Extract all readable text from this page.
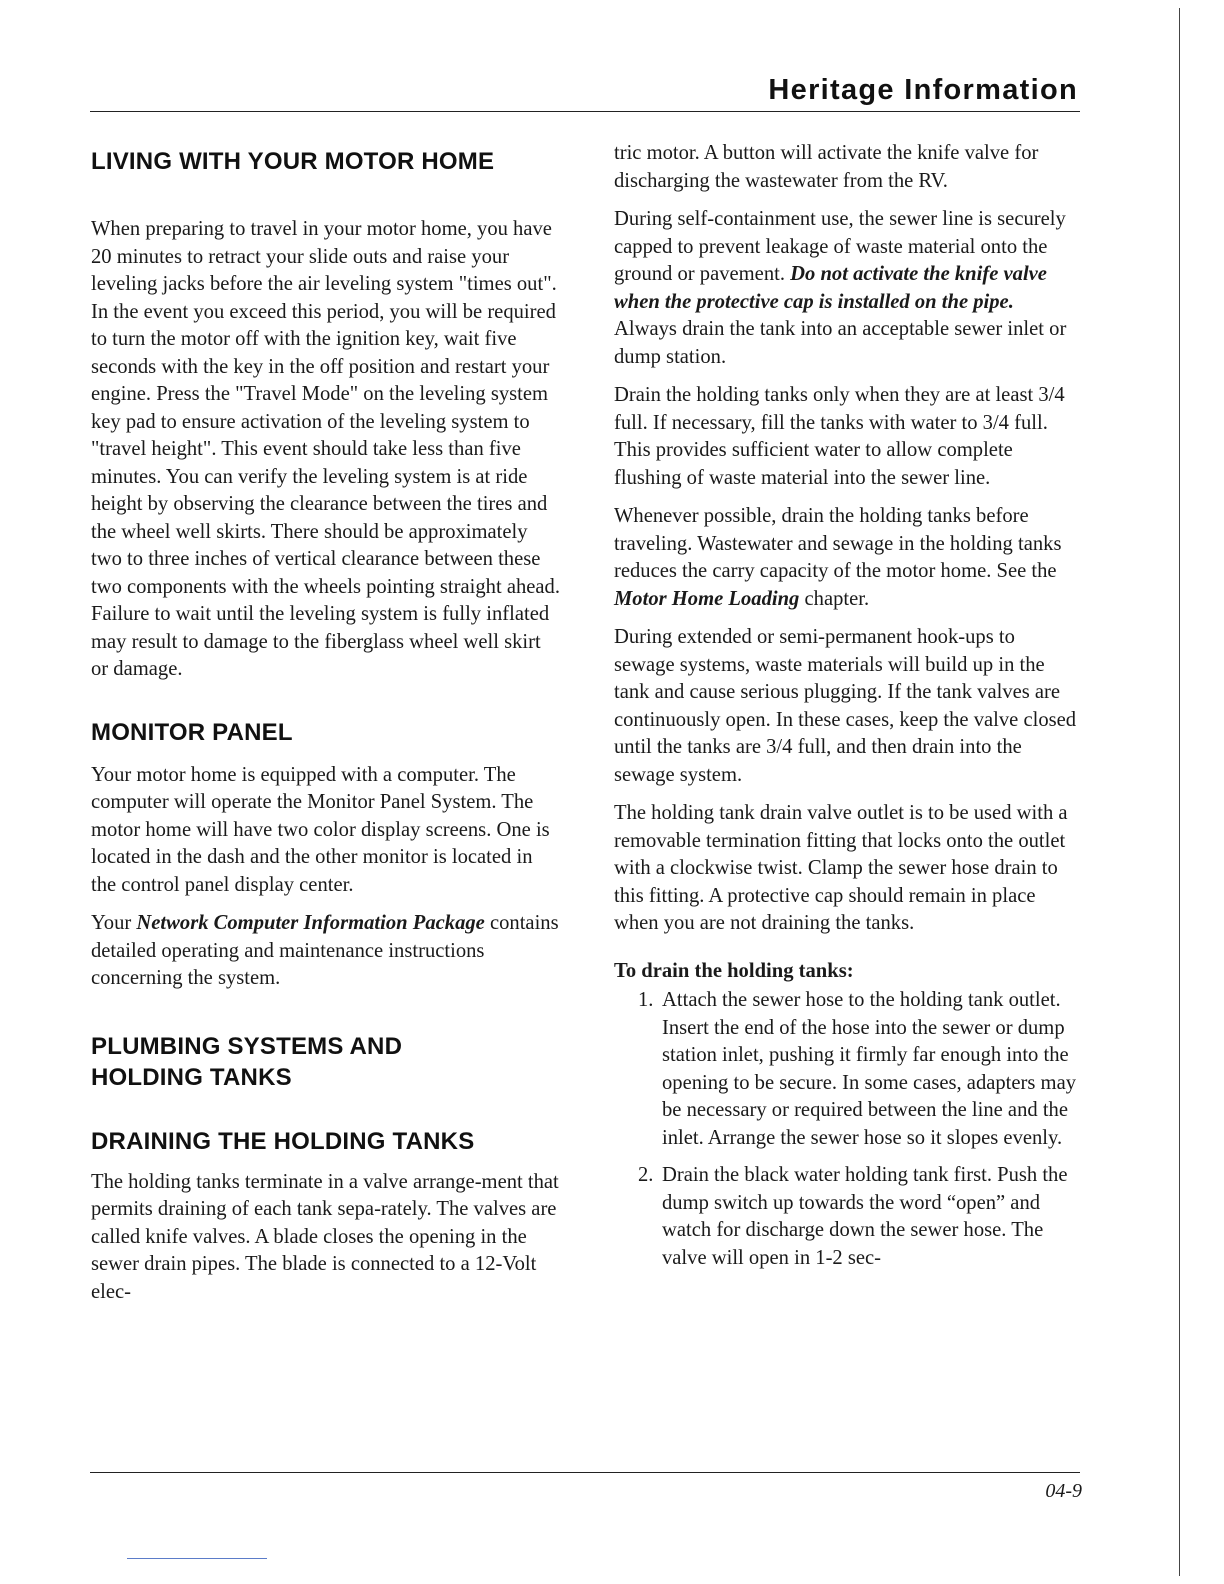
Heritage Information
LIVING WITH YOUR MOTOR HOME

When preparing to travel in your motor home, you have 20 minutes to retract your slide outs and raise your leveling jacks before the air leveling system "times out". In the event you exceed this period, you will be required to turn the motor off with the ignition key, wait five seconds with the key in the off position and restart your engine. Press the "Travel Mode" on the leveling system key pad to ensure activation of the leveling system to "travel height". This event should take less than five minutes. You can verify the leveling system is at ride height by observing the clearance between the tires and the wheel well skirts. There should be approximately two to three inches of vertical clearance between these two components with the wheels pointing straight ahead. Failure to wait until the leveling system is fully inflated may result to damage to the fiberglass wheel well skirt or damage.

MONITOR PANEL

Your motor home is equipped with a computer. The computer will operate the Monitor Panel System. The motor home will have two color display screens. One is located in the dash and the other monitor is located in the control panel display center.

Your Network Computer Information Package contains detailed operating and maintenance instructions concerning the system.

PLUMBING SYSTEMS AND
HOLDING TANKS
DRAINING THE HOLDING TANKS

The holding tanks terminate in a valve arrange-ment that permits draining of each tank sepa-rately. The valves are called knife valves. A blade closes the opening in the sewer drain pipes. The blade is connected to a 12-Volt elec-

tric motor. A button will activate the knife valve for discharging the wastewater from the RV.

During self-containment use, the sewer line is securely capped to prevent leakage of waste material onto the ground or pavement. Do not activate the knife valve when the protective cap is installed on the pipe. Always drain the tank into an acceptable sewer inlet or dump station.

Drain the holding tanks only when they are at least 3/4 full. If necessary, fill the tanks with water to 3/4 full. This provides sufficient water to allow complete flushing of waste material into the sewer line.

Whenever possible, drain the holding tanks before traveling. Wastewater and sewage in the holding tanks reduces the carry capacity of the motor home. See the Motor Home Loading chapter.

During extended or semi-permanent hook-ups to sewage systems, waste materials will build up in the tank and cause serious plugging. If the tank valves are continuously open. In these cases, keep the valve closed until the tanks are 3/4 full, and then drain into the sewage system.

The holding tank drain valve outlet is to be used with a removable termination fitting that locks onto the outlet with a clockwise twist. Clamp the sewer hose drain to this fitting. A protective cap should remain in place when you are not draining the tanks.

To drain the holding tanks:

1. Attach the sewer hose to the holding tank outlet. Insert the end of the hose into the sewer or dump station inlet, pushing it firmly far enough into the opening to be secure. In some cases, adapters may be necessary or required between the line and the inlet. Arrange the sewer hose so it slopes evenly.
2. Drain the black water holding tank first. Push the dump switch up towards the word “open” and watch for discharge down the sewer hose. The valve will open in 1-2 sec-
04-9
